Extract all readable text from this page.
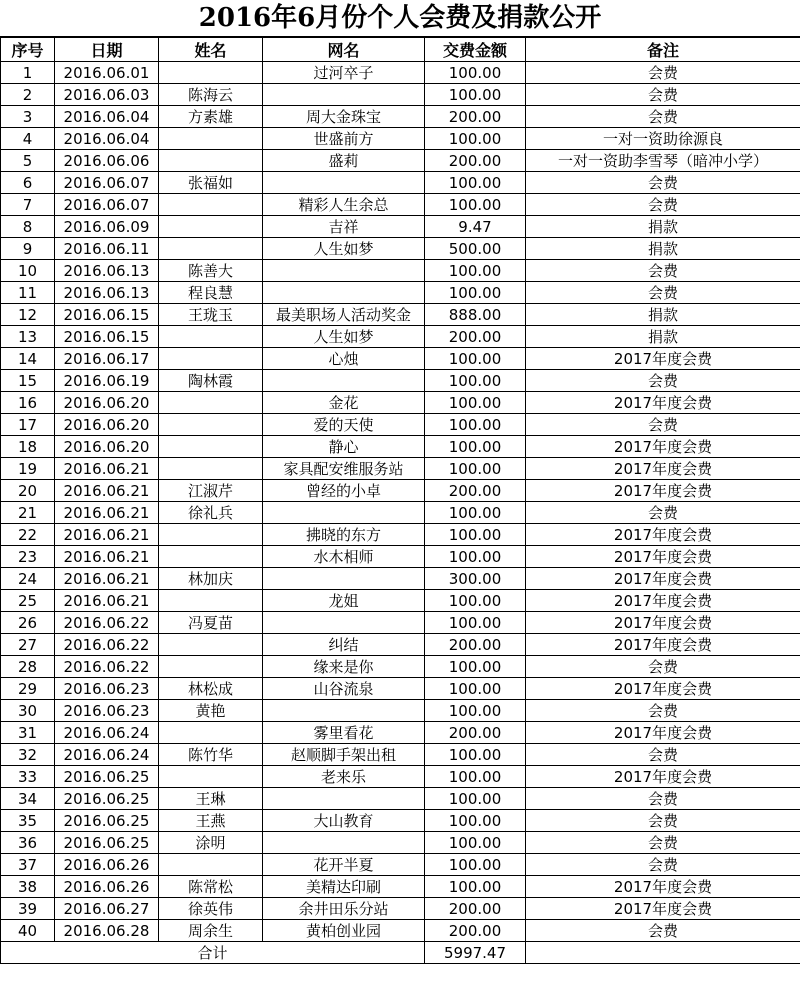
2016年6月份个人会费及捐款公开
序号	日期	姓名	网名	交费金额	备注
1	2016.06.01		过河卒子	100.00	会费
2	2016.06.03	陈海云		100.00	会费
3	2016.06.04	方素雄	周大金珠宝	200.00	会费
4	2016.06.04		世盛前方	100.00	一对一资助徐源良
5	2016.06.06		盛莉	200.00	一对一资助李雪琴（暗冲小学）
6	2016.06.07	张福如		100.00	会费
7	2016.06.07		精彩人生余总	100.00	会费
8	2016.06.09		吉祥	9.47	捐款
9	2016.06.11		人生如梦	500.00	捐款
10	2016.06.13	陈善大		100.00	会费
11	2016.06.13	程良慧		100.00	会费
12	2016.06.15	王珑玉	最美职场人活动奖金	888.00	捐款
13	2016.06.15		人生如梦	200.00	捐款
14	2016.06.17		心烛	100.00	2017年度会费
15	2016.06.19	陶林霞		100.00	会费
16	2016.06.20		金花	100.00	2017年度会费
17	2016.06.20		爱的天使	100.00	会费
18	2016.06.20		静心	100.00	2017年度会费
19	2016.06.21		家具配安维服务站	100.00	2017年度会费
20	2016.06.21	江淑芹	曾经的小卓	200.00	2017年度会费
21	2016.06.21	徐礼兵		100.00	会费
22	2016.06.21		拂晓的东方	100.00	2017年度会费
23	2016.06.21		水木相师	100.00	2017年度会费
24	2016.06.21	林加庆		300.00	2017年度会费
25	2016.06.21		龙姐	100.00	2017年度会费
26	2016.06.22	冯夏苗		100.00	2017年度会费
27	2016.06.22		纠结	200.00	2017年度会费
28	2016.06.22		缘来是你	100.00	会费
29	2016.06.23	林松成	山谷流泉	100.00	2017年度会费
30	2016.06.23	黄艳		100.00	会费
31	2016.06.24		雾里看花	200.00	2017年度会费
32	2016.06.24	陈竹华	赵顺脚手架出租	100.00	会费
33	2016.06.25		老来乐	100.00	2017年度会费
34	2016.06.25	王琳		100.00	会费
35	2016.06.25	王燕	大山教育	100.00	会费
36	2016.06.25	涂明		100.00	会费
37	2016.06.26		花开半夏	100.00	会费
38	2016.06.26	陈常松	美精达印刷	100.00	2017年度会费
39	2016.06.27	徐英伟	余井田乐分站	200.00	2017年度会费
40	2016.06.28	周余生	黄柏创业园	200.00	会费
合计				5997.47	
